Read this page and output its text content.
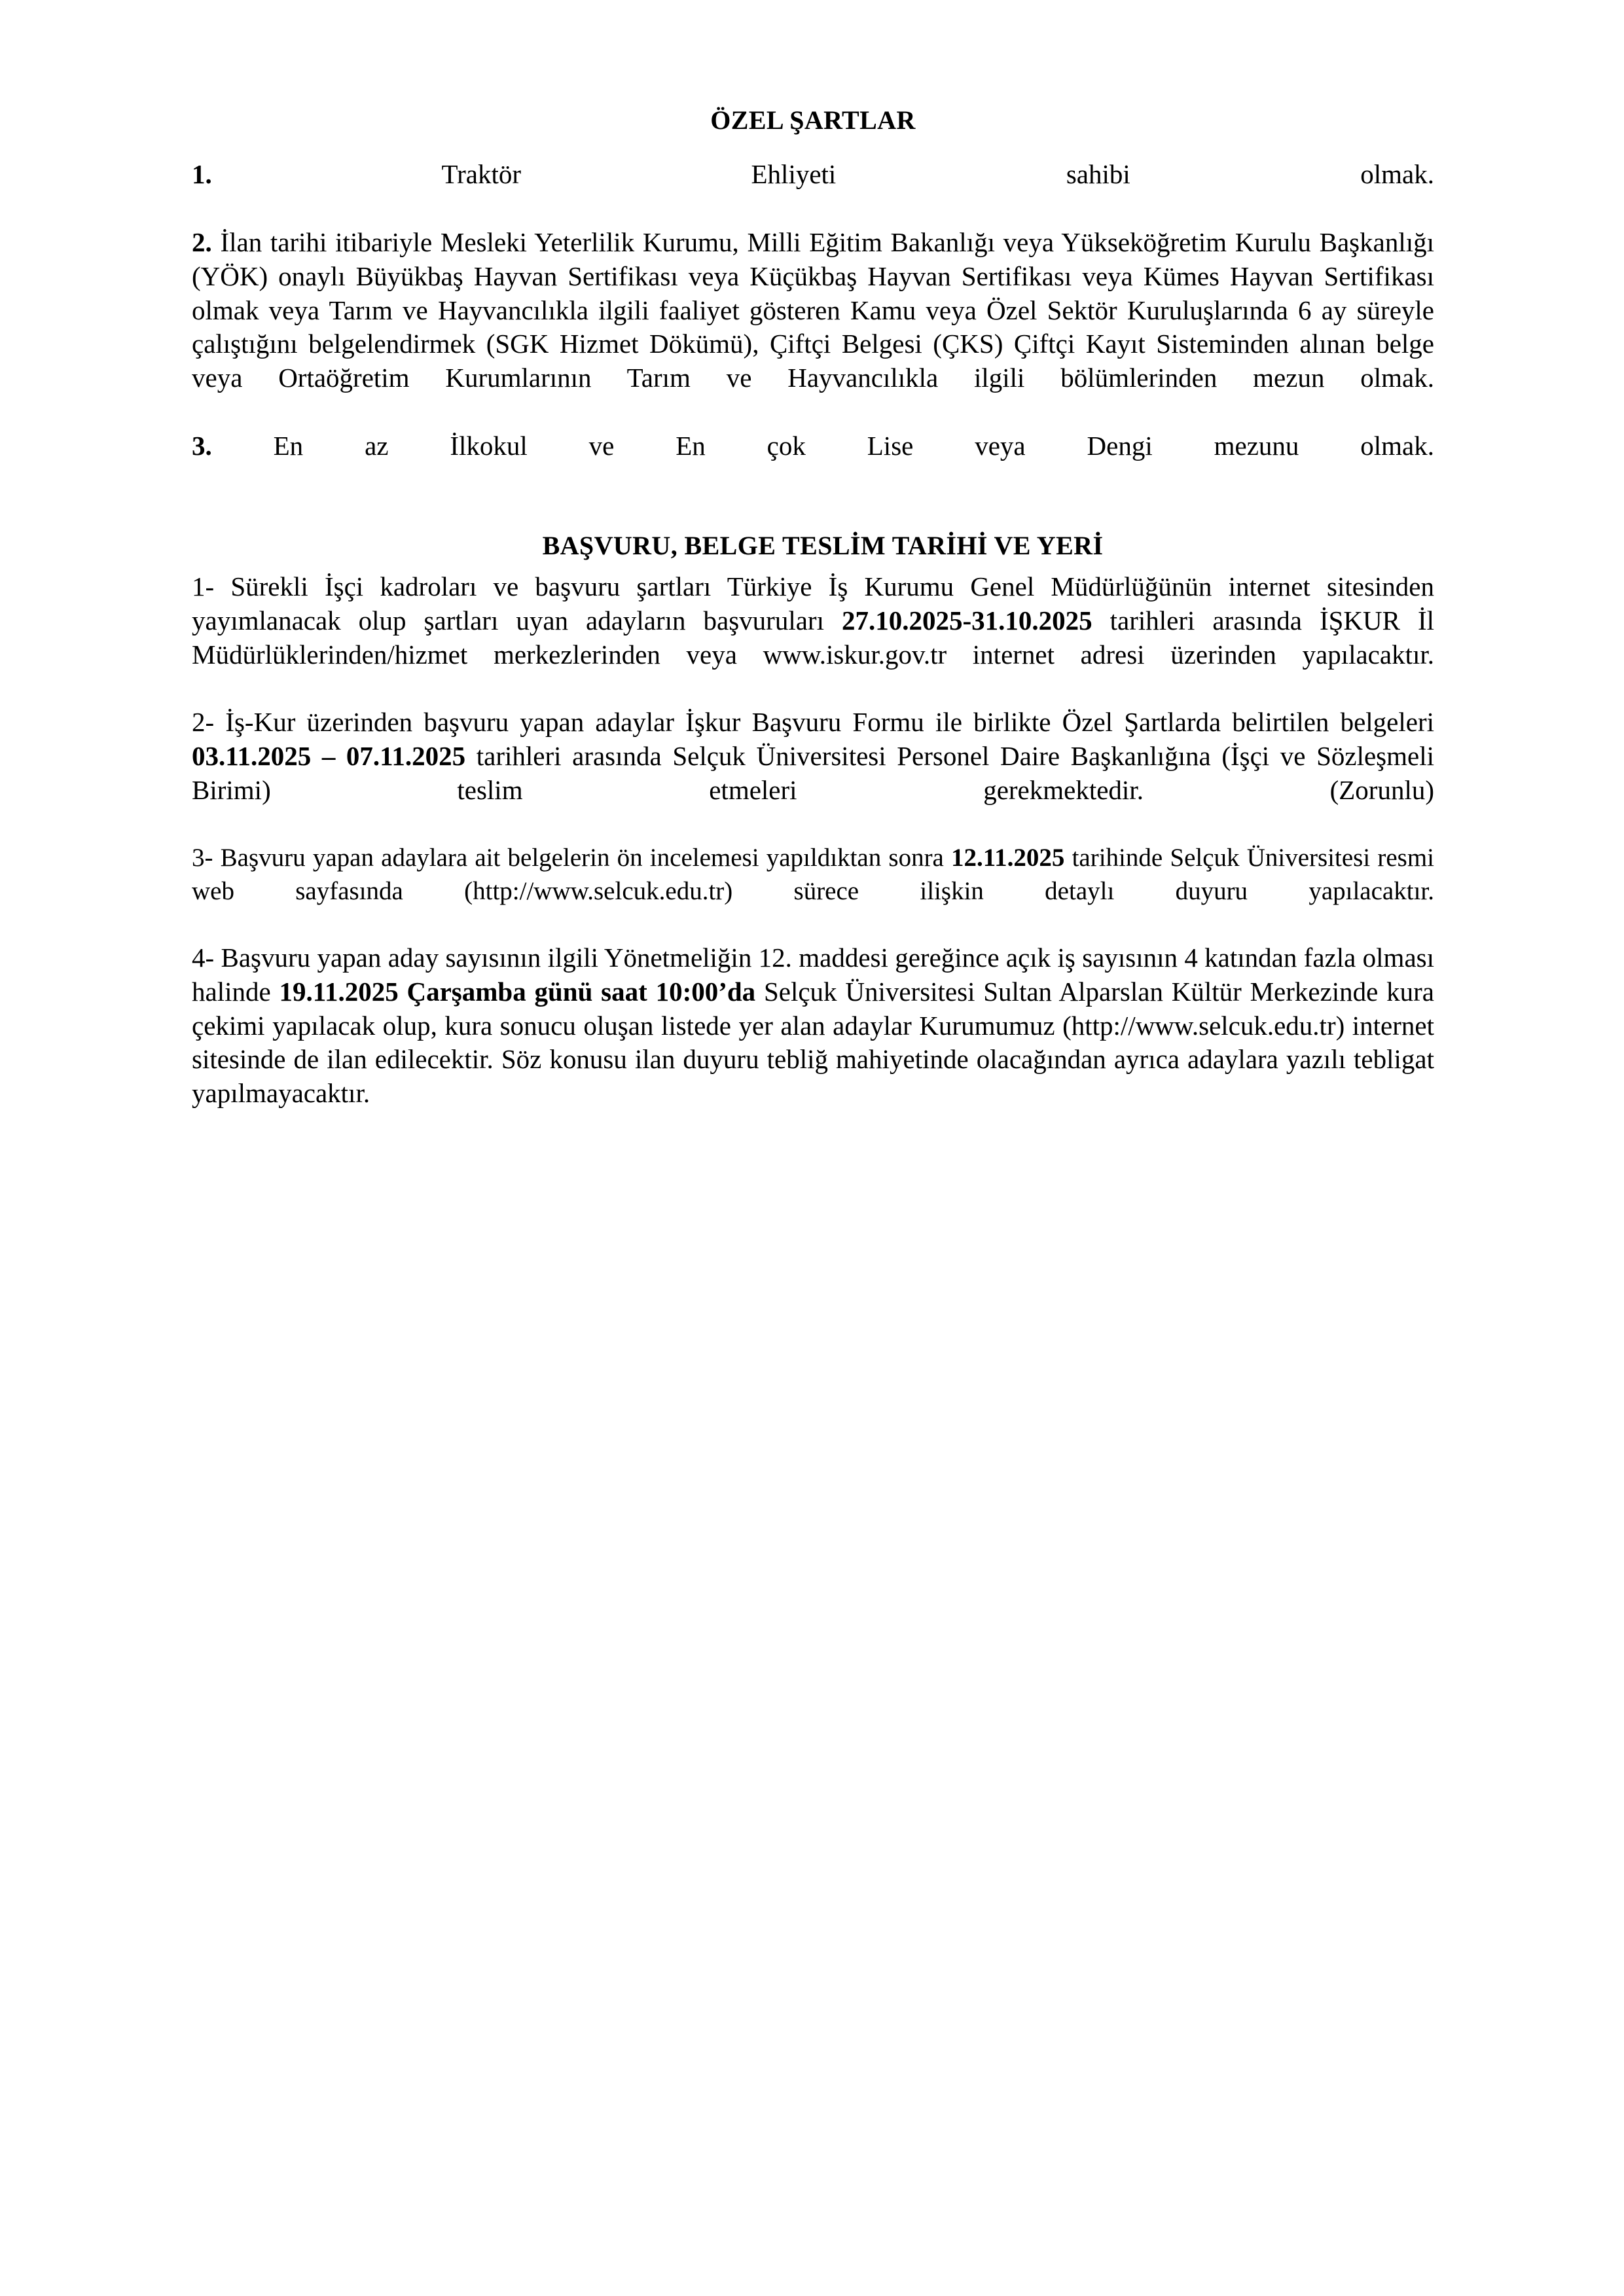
ÖZEL ŞARTLAR
1.	Traktör Ehliyeti sahibi olmak.
2. İlan tarihi itibariyle Mesleki Yeterlilik Kurumu, Milli Eğitim Bakanlığı veya Yükseköğretim Kurulu Başkanlığı (YÖK) onaylı Büyükbaş Hayvan Sertifikası veya Küçükbaş Hayvan Sertifikası veya Kümes Hayvan Sertifikası olmak veya Tarım ve Hayvancılıkla ilgili faaliyet gösteren Kamu veya Özel Sektör Kuruluşlarında 6 ay süreyle çalıştığını belgelendirmek (SGK Hizmet Dökümü), Çiftçi Belgesi (ÇKS) Çiftçi Kayıt Sisteminden alınan belge veya Ortaöğretim Kurumlarının Tarım ve Hayvancılıkla ilgili bölümlerinden mezun olmak.
3. En az İlkokul ve En çok Lise veya Dengi mezunu olmak.
BAŞVURU, BELGE TESLİM TARİHİ VE YERİ

1- Sürekli İşçi kadroları ve başvuru şartları Türkiye İş Kurumu Genel Müdürlüğünün internet sitesinden yayımlanacak olup şartları uyan adayların başvuruları 27.10.2025-31.10.2025 tarihleri arasında İŞKUR İl Müdürlüklerinden/hizmet merkezlerinden veya www.iskur.gov.tr internet adresi üzerinden yapılacaktır.

2- İş-Kur üzerinden başvuru yapan adaylar İşkur Başvuru Formu ile birlikte Özel Şartlarda belirtilen belgeleri 03.11.2025 – 07.11.2025 tarihleri arasında Selçuk Üniversitesi Personel Daire Başkanlığına (İşçi ve Sözleşmeli Birimi) teslim etmeleri gerekmektedir. (Zorunlu)

3- Başvuru yapan adaylara ait belgelerin ön incelemesi yapıldıktan sonra 12.11.2025 tarihinde Selçuk Üniversitesi resmi web sayfasında (http://www.selcuk.edu.tr) sürece ilişkin detaylı duyuru yapılacaktır.

4- Başvuru yapan aday sayısının ilgili Yönetmeliğin 12. maddesi gereğince açık iş sayısının 4 katından fazla olması halinde 19.11.2025 Çarşamba günü saat 10:00’da Selçuk Üniversitesi Sultan Alparslan Kültür Merkezinde kura çekimi yapılacak olup, kura sonucu oluşan listede yer alan adaylar Kurumumuz (http://www.selcuk.edu.tr) internet sitesinde de ilan edilecektir. Söz konusu ilan duyuru tebliğ mahiyetinde olacağından ayrıca adaylara yazılı tebligat yapılmayacaktır.
